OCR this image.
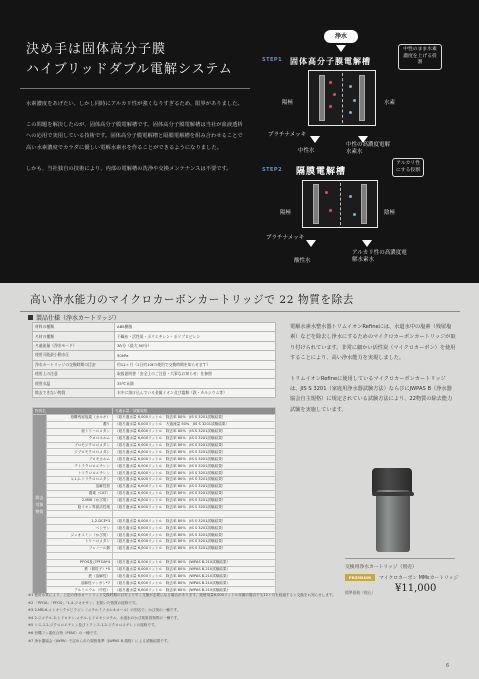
決め手は固体高分子膜
ハイブリッドダブル電解システム

水素濃度をあげたい。しかし同時にアルカリ性が強くなりすぎるため、限界がありました。

この問題を解決したのが、固体高分子膜電解槽です。固体高分子膜電解槽は当社が血液透析への応用で実用している技術です。固体高分子膜電解槽と隔膜電解槽を組み合わせることで高い水素濃度でカラダに優しい電解水素水を作ることができるようになりました。

しかも、当社独自の技術により、内部の電解槽の洗浄や交換メンテナンスは不要です。

浄水
STEP1 固体高分子膜電解槽
中性のまま水素濃度を上げる役割
陽極	水素
プラチナメッキ
中性水
中性の高濃度電解水素水
STEP2 隔膜電解槽
アルカリ性にする役割
陽極	陰極
プラチナメッキ
酸性水
アルカリ性の高濃度電解水素水
高い浄水能力のマイクロカーボンカートリッジで 22 物質を除去
製品仕様（浄水カートリッジ）
材料の種類	ABS樹脂
ろ材の種類	不織布・活性炭・ポリエチレン・ポリプロピレン
ろ過流量（浄水モード）	3ℓ/分（最大 5ℓ/分）
使用可能最小動水圧	50kPa
浄水カートリッジの交換時期の目安	約12ヶ月（1日約10ℓの使用で交換時期を知らせます）
使用上の注意	取扱説明書「安全上のご注意・大事なお知らせ」を参照
使用水温	35℃未満
除去できない物質	水中に溶け込んでいる金属イオン及び塩類（鉄・カルシウム等）
物質名		ろ過水量／試験規格
除去対象物質	遊離残留塩素（カルキ）	（総ろ過水量 6,000リットル　除去率 80%　JIS S 3201試験結果）
	濁り	（総ろ過水量 6,000リットル　ろ過流量 50%　JIS S 3201試験結果）
	総トリハロメタン	（総ろ過水量 6,000リットル　除去率 80%　JIS S 3201試験結果）
	クロロホルム	（総ろ過水量 6,000リットル　除去率 80%　JIS S 3201試験結果）
	ブロモジクロロメタン	（総ろ過水量 6,000リットル　除去率 80%　JIS S 3201試験結果）
	ジブロモクロロメタン	（総ろ過水量 6,000リットル　除去率 80%　JIS S 3201試験結果）
	ブロモホルム	（総ろ過水量 6,000リットル　除去率 80%　JIS S 3201試験結果）
	テトラクロロエチレン	（総ろ過水量 6,000リットル　除去率 80%　JIS S 3201試験結果）
	トリクロロエチレン	（総ろ過水量 6,000リットル　除去率 80%　JIS S 3201試験結果）
	1,1,1-トリクロロエタン	（総ろ過水量 6,000リットル　除去率 80%　JIS S 3201試験結果）
	溶解性鉛	（総ろ過水量 6,000リットル　除去率 80%　JIS S 3201試験結果）
	農薬（CAT）	（総ろ過水量 6,000リットル　除去率 80%　JIS S 3201試験結果）
	2-MIB（かび臭）	（総ろ過水量 6,000リットル　除去率 80%　JIS S 3201試験結果）
	陰イオン界面活性剤	（総ろ過水量 6,000リットル　除去率 80%　JIS S 3201試験結果）

	1,2-DCE*3	（総ろ過水量 6,000リットル　除去率 80%　JIS S 3201試験結果）
	ベンゼン	（総ろ過水量 6,000リットル　除去率 80%　JIS S 3201試験結果）
	ジェオスミン（かび臭）	（総ろ過水量 6,000リットル　除去率 80%　JIS S 3201試験結果）
	トリハロメタン	（総ろ過水量 6,000リットル　除去率 80%　JIS S 3201試験結果）
	フェノール類	（総ろ過水量 6,000リットル　除去率 80%　JIS S 3201試験結果）

	PFOS及びPFOA*4	（総ろ過水量 6,000リットル　除去率 80%　JWPAS B.210試験結果）
	鉄（微粒子）*5	（総ろ過水量 6,000リットル　除去率 80%　JWPAS B.210試験結果）
	鉄（溶解性）	（総ろ過水量 6,000リットル　除去率 80%　JWPAS B.210試験結果）
	溶解性マンガン*7	（総ろ過水量 6,000リットル　除去率 80%　JWPAS B.210試験結果）
	アルミニウム（中性）	（総ろ過水量 6,000リットル　除去率 80%　JWPAS B.210試験結果）
※1 使用水質により、上記の浄水カートリッジ交換時期の目安より早く交換が必要になる場合があります。総使用量6,000リットル未満の場合でも12ヶ月を経過すると交換をお知らせします。
※2 「PFOA」「PFOS」「1,4-ジオキサン」を除いた物質の総称です。
※3 2-MB-6-メトキシクロピラジン（メチルイソボルネオール）の別名で、かび臭の一種です。
※4 2-ジメチル-3-ヒドロキシ-メチル-ヒドロキシメチル、水道水のかび臭原因物質の一種です。
※5 シス-1,2-ジクロロエチレン及びトランス-1,2-ジクロロエチレンの総称です。
※6 有機フッ素化合物（PFAS）の一種です。
※7 浄水器協会（JWPA）で定められた規格基準（JWPAS B-規格）による試験結果です。

電解水素水整水器トリムイオンRefineには、水道水中の塩素（残留塩素）などを除去し浄水にするためのマイクロカーボンカートリッジが取り付けられています。非常に細かい活性炭（マイクロカーボン）を使用することにより、高い浄水能力を実現しました。

トリムイオンRefineに使用しているマイクロカーボンカートリッジは、JIS S 3201（家庭用浄水器試験方法）ならびにJWPAS B（浄水器協会自主規格）に規定されている試験方法により、22物質の除去能力試験を実施しています。

交換用浄水カートリッジ（別売）
PREMIUM	マイクロカーボン MMεカートリッジ
標準価格（税込） ¥11,000
6
